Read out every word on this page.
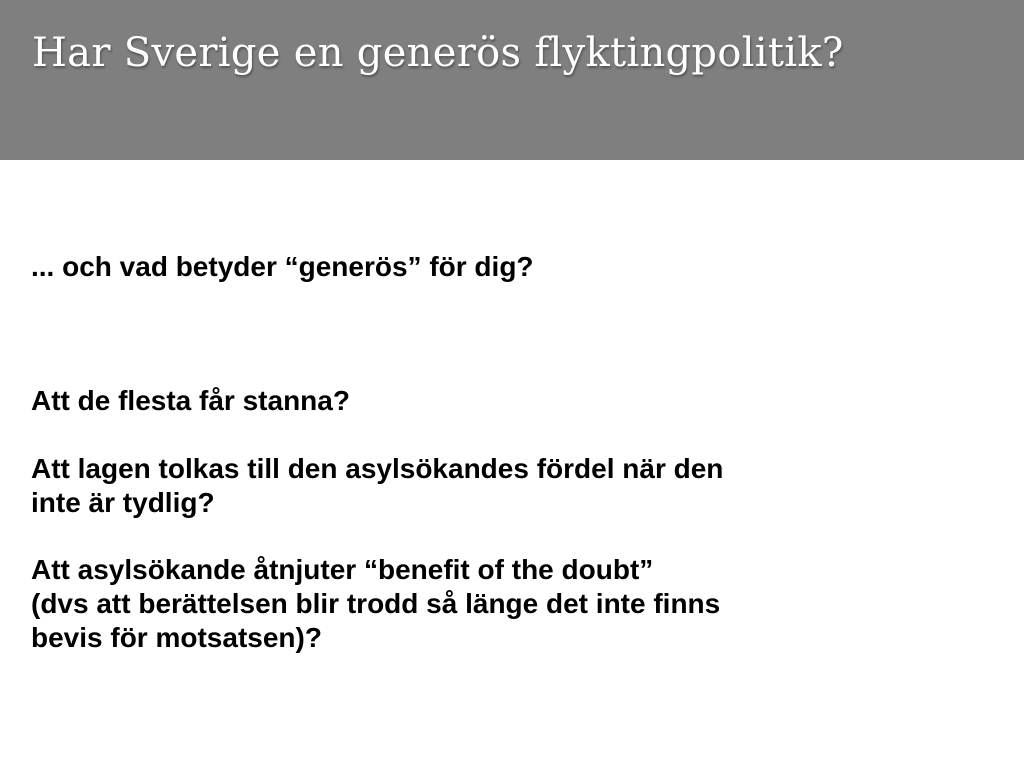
Har Sverige en generös flyktingpolitik?

... och vad betyder “generös” för dig?

Att de flesta får stanna?

Att lagen tolkas till den asylsökandes fördel när den
inte är tydlig?

Att asylsökande åtnjuter “benefit of the doubt”
(dvs att berättelsen blir trodd så länge det inte finns
bevis för motsatsen)?
